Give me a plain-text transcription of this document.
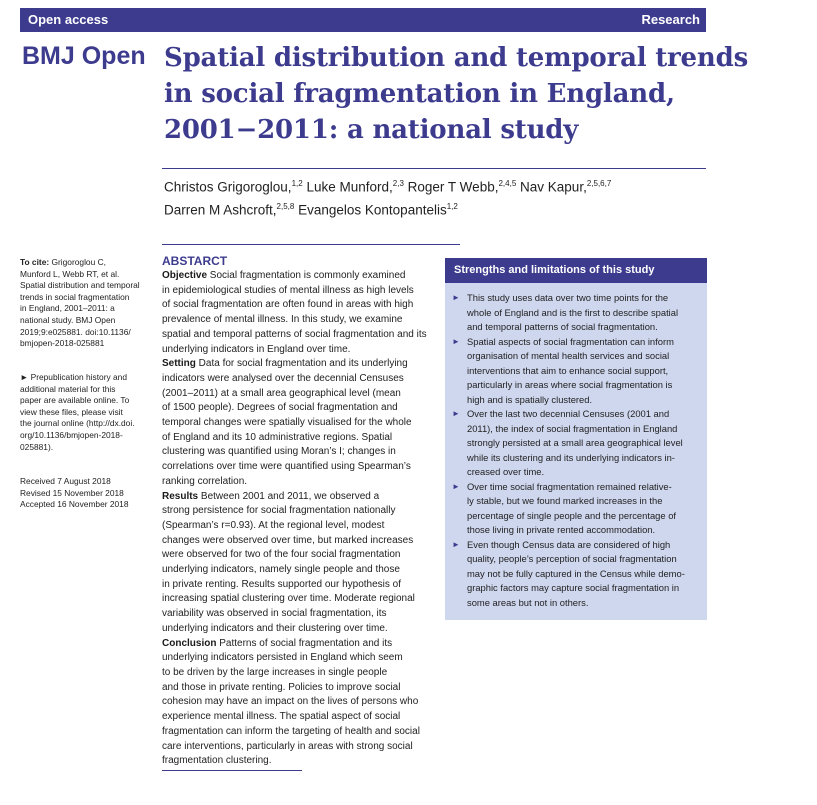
Open access	Research
BMJ Open Spatial distribution and temporal trends
in social fragmentation in England,
2001−2011: a national study
Christos Grigoroglou,$^{1,2}$ Luke Munford,$^{2,3}$ Roger T Webb,$^{2,4,5}$ Nav Kapur,$^{2,5,6,7}$
Darren M Ashcroft,$^{2,5,8}$ Evangelos Kontopantelis$^{1,2}$
To cite: Grigoroglou C,
Munford L, Webb RT, et al.
Spatial distribution and temporal
trends in social fragmentation
in England, 2001–2011: a
national study. BMJ Open
2019;9:e025881. doi:10.1136/
bmjopen-2018-025881
► Prepublication history and
additional material for this
paper are available online. To
view these files, please visit
the journal online (http://dx.doi.
org/10.1136/bmjopen-2018-
025881).
Received 7 August 2018
Revised 15 November 2018
Accepted 16 November 2018
ABSTARCT
Objective Social fragmentation is commonly examined
in epidemiological studies of mental illness as high levels
of social fragmentation are often found in areas with high
prevalence of mental illness. In this study, we examine
spatial and temporal patterns of social fragmentation and its
underlying indicators in England over time.
Setting Data for social fragmentation and its underlying
indicators were analysed over the decennial Censuses
(2001–2011) at a small area geographical level (mean
of 1500 people). Degrees of social fragmentation and
temporal changes were spatially visualised for the whole
of England and its 10 administrative regions. Spatial
clustering was quantified using Moran’s I; changes in
correlations over time were quantified using Spearman’s
ranking correlation.
Results Between 2001 and 2011, we observed a
strong persistence for social fragmentation nationally
(Spearman’s r=0.93). At the regional level, modest
changes were observed over time, but marked increases
were observed for two of the four social fragmentation
underlying indicators, namely single people and those
in private renting. Results supported our hypothesis of
increasing spatial clustering over time. Moderate regional
variability was observed in social fragmentation, its
underlying indicators and their clustering over time.
Conclusion Patterns of social fragmentation and its
underlying indicators persisted in England which seem
to be driven by the large increases in single people
and those in private renting. Policies to improve social
cohesion may have an impact on the lives of persons who
experience mental illness. The spatial aspect of social
fragmentation can inform the targeting of health and social
care interventions, particularly in areas with strong social
fragmentation clustering.
Strengths and limitations of this study
► This study uses data over two time points for the
whole of England and is the first to describe spatial
and temporal patterns of social fragmentation.
► Spatial aspects of social fragmentation can inform
organisation of mental health services and social
interventions that aim to enhance social support,
particularly in areas where social fragmentation is
high and is spatially clustered.
► Over the last two decennial Censuses (2001 and
2011), the index of social fragmentation in England
strongly persisted at a small area geographical level
while its clustering and its underlying indicators in-
creased over time.
► Over time social fragmentation remained relative-
ly stable, but we found marked increases in the
percentage of single people and the percentage of
those living in private rented accommodation.
► Even though Census data are considered of high
quality, people’s perception of social fragmentation
may not be fully captured in the Census while demo-
graphic factors may capture social fragmentation in
some areas but not in others.
